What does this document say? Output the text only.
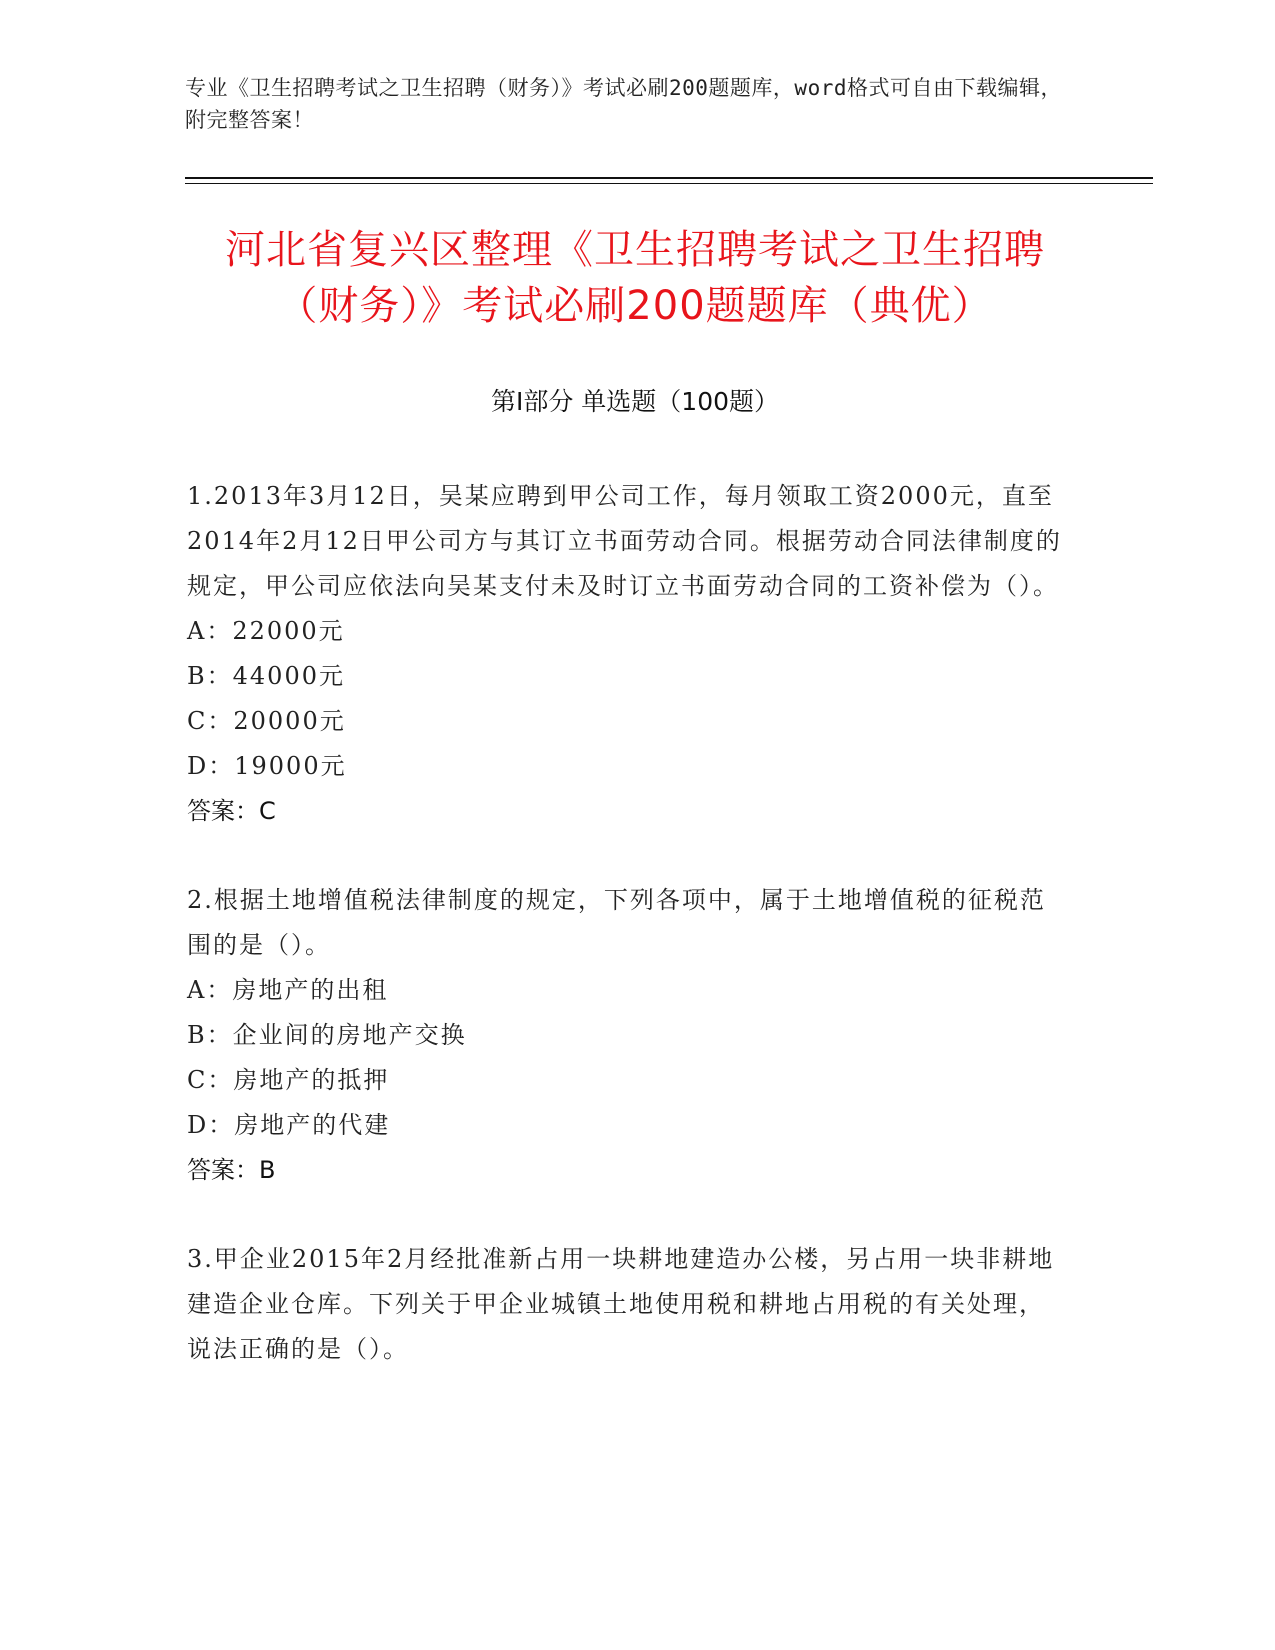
专业《卫生招聘考试之卫生招聘（财务）》考试必刷200题题库，word格式可自由下载编辑，附完整答案！
河北省复兴区整理《卫生招聘考试之卫生招聘（财务）》考试必刷200题题库（典优）
第I部分 单选题（100题）
1.2013年3月12日，吴某应聘到甲公司工作，每月领取工资2000元，直至2014年2月12日甲公司方与其订立书面劳动合同。根据劳动合同法律制度的规定，甲公司应依法向吴某支付未及时订立书面劳动合同的工资补偿为（）。
A：22000元
B：44000元
C：20000元
D：19000元
答案：C
2.根据土地增值税法律制度的规定，下列各项中，属于土地增值税的征税范围的是（）。
A：房地产的出租
B：企业间的房地产交换
C：房地产的抵押
D：房地产的代建
答案：B
3.甲企业2015年2月经批准新占用一块耕地建造办公楼，另占用一块非耕地建造企业仓库。下列关于甲企业城镇土地使用税和耕地占用税的有关处理，说法正确的是（）。
